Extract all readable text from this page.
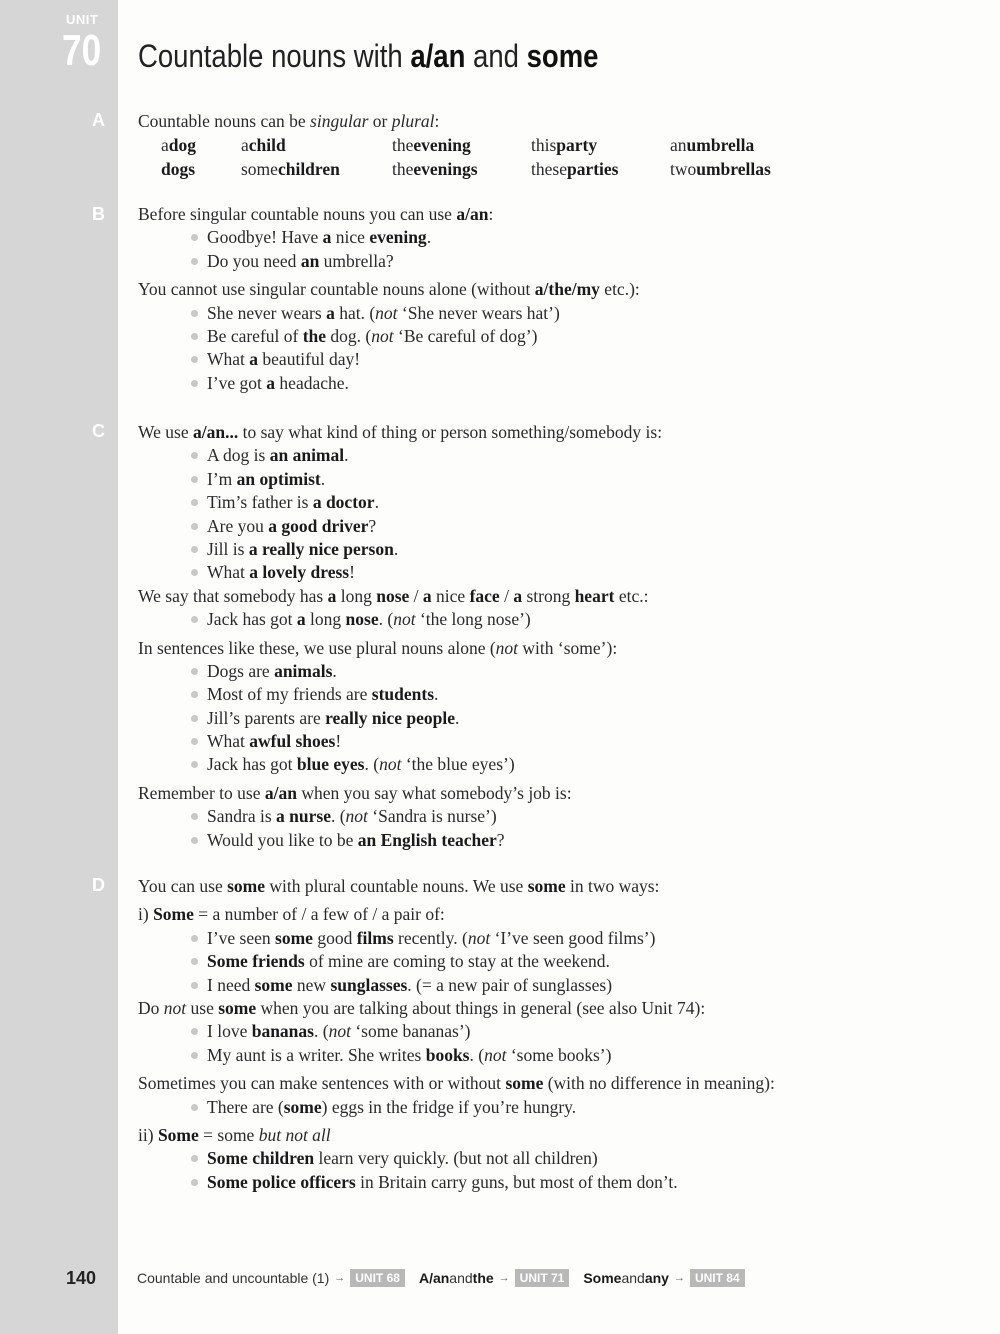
UNIT
70
A
B
C
D
Countable nouns with a/an and some
Countable nouns can be singular or plural:
adog	achild	theevening	thisparty	anumbrella
dogs	somechildren	theevenings	theseparties	twoumbrellas
Before singular countable nouns you can use a/an:
Goodbye! Have a nice evening.
Do you need an umbrella?
You cannot use singular countable nouns alone (without a/the/my etc.):
She never wears a hat. (not ‘She never wears hat’)
Be careful of the dog. (not ‘Be careful of dog’)
What a beautiful day!
I’ve got a headache.
We use a/an... to say what kind of thing or person something/somebody is:
A dog is an animal.
I’m an optimist.
Tim’s father is a doctor.
Are you a good driver?
Jill is a really nice person.
What a lovely dress!
We say that somebody has a long nose / a nice face / a strong heart etc.:
Jack has got a long nose. (not ‘the long nose’)
In sentences like these, we use plural nouns alone (not with ‘some’):
Dogs are animals.
Most of my friends are students.
Jill’s parents are really nice people.
What awful shoes!
Jack has got blue eyes. (not ‘the blue eyes’)
Remember to use a/an when you say what somebody’s job is:
Sandra is a nurse. (not ‘Sandra is nurse’)
Would you like to be an English teacher?
You can use some with plural countable nouns. We use some in two ways:
i) Some = a number of / a few of / a pair of:
I’ve seen some good films recently. (not ‘I’ve seen good films’)
Some friends of mine are coming to stay at the weekend.
I need some new sunglasses. (= a new pair of sunglasses)
Do not use some when you are talking about things in general (see also Unit 74):
I love bananas. (not ‘some bananas’)
My aunt is a writer. She writes books. (not ‘some books’)
Sometimes you can make sentences with or without some (with no difference in meaning):
There are (some) eggs in the fridge if you’re hungry.
ii) Some = some but not all
Some children learn very quickly. (but not all children)
Some police officers in Britain carry guns, but most of them don’t.
140	Countable and uncountable (1) → UNIT 68	A/an and the → UNIT 71	Some and any → UNIT 84
